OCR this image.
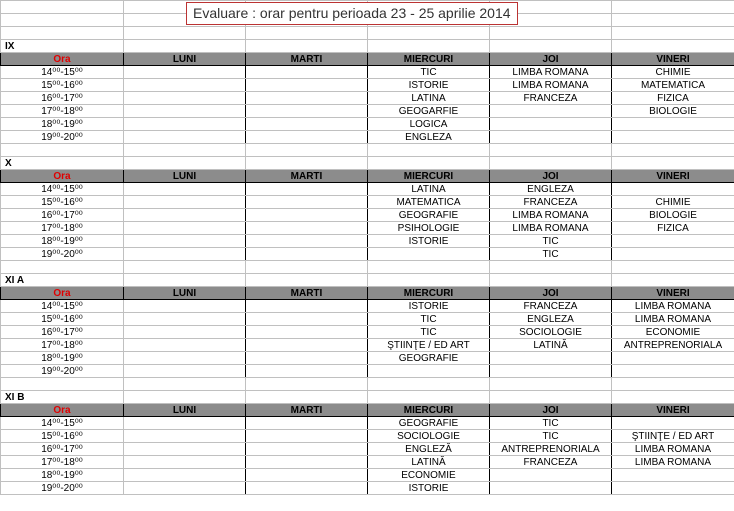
IX					
Ora	LUNI	MARTI	MIERCURI	JOI	VINERI
14⁰⁰-15⁰⁰			TIC	LIMBA ROMANA	CHIMIE
15⁰⁰-16⁰⁰			ISTORIE	LIMBA ROMANA	MATEMATICA
16⁰⁰-17⁰⁰			LATINA	FRANCEZA	FIZICA
17⁰⁰-18⁰⁰			GEOGARFIE		BIOLOGIE
18⁰⁰-19⁰⁰			LOGICA		
19⁰⁰-20⁰⁰			ENGLEZA		

X					
Ora	LUNI	MARTI	MIERCURI	JOI	VINERI
14⁰⁰-15⁰⁰			LATINA	ENGLEZA	
15⁰⁰-16⁰⁰			MATEMATICA	FRANCEZA	CHIMIE
16⁰⁰-17⁰⁰			GEOGRAFIE	LIMBA ROMANA	BIOLOGIE
17⁰⁰-18⁰⁰			PSIHOLOGIE	LIMBA ROMANA	FIZICA
18⁰⁰-19⁰⁰			ISTORIE	TIC	
19⁰⁰-20⁰⁰				TIC	

XI A					
Ora	LUNI	MARTI	MIERCURI	JOI	VINERI
14⁰⁰-15⁰⁰			ISTORIE	FRANCEZA	LIMBA ROMANA
15⁰⁰-16⁰⁰			TIC	ENGLEZA	LIMBA ROMANA
16⁰⁰-17⁰⁰			TIC	SOCIOLOGIE	ECONOMIE
17⁰⁰-18⁰⁰			ŞTIINŢE / ED ART	LATINĂ	ANTREPRENORIALA
18⁰⁰-19⁰⁰			GEOGRAFIE		
19⁰⁰-20⁰⁰					

XI B					
Ora	LUNI	MARTI	MIERCURI	JOI	VINERI
14⁰⁰-15⁰⁰			GEOGRAFIE	TIC	
15⁰⁰-16⁰⁰			SOCIOLOGIE	TIC	ŞTIINŢE / ED ART
16⁰⁰-17⁰⁰			ENGLEZĂ	ANTREPRENORIALA	LIMBA ROMANA
17⁰⁰-18⁰⁰			LATINĂ	FRANCEZA	LIMBA ROMANA
18⁰⁰-19⁰⁰			ECONOMIE		
19⁰⁰-20⁰⁰			ISTORIE		
Evaluare : orar pentru perioada 23 - 25 aprilie 2014
